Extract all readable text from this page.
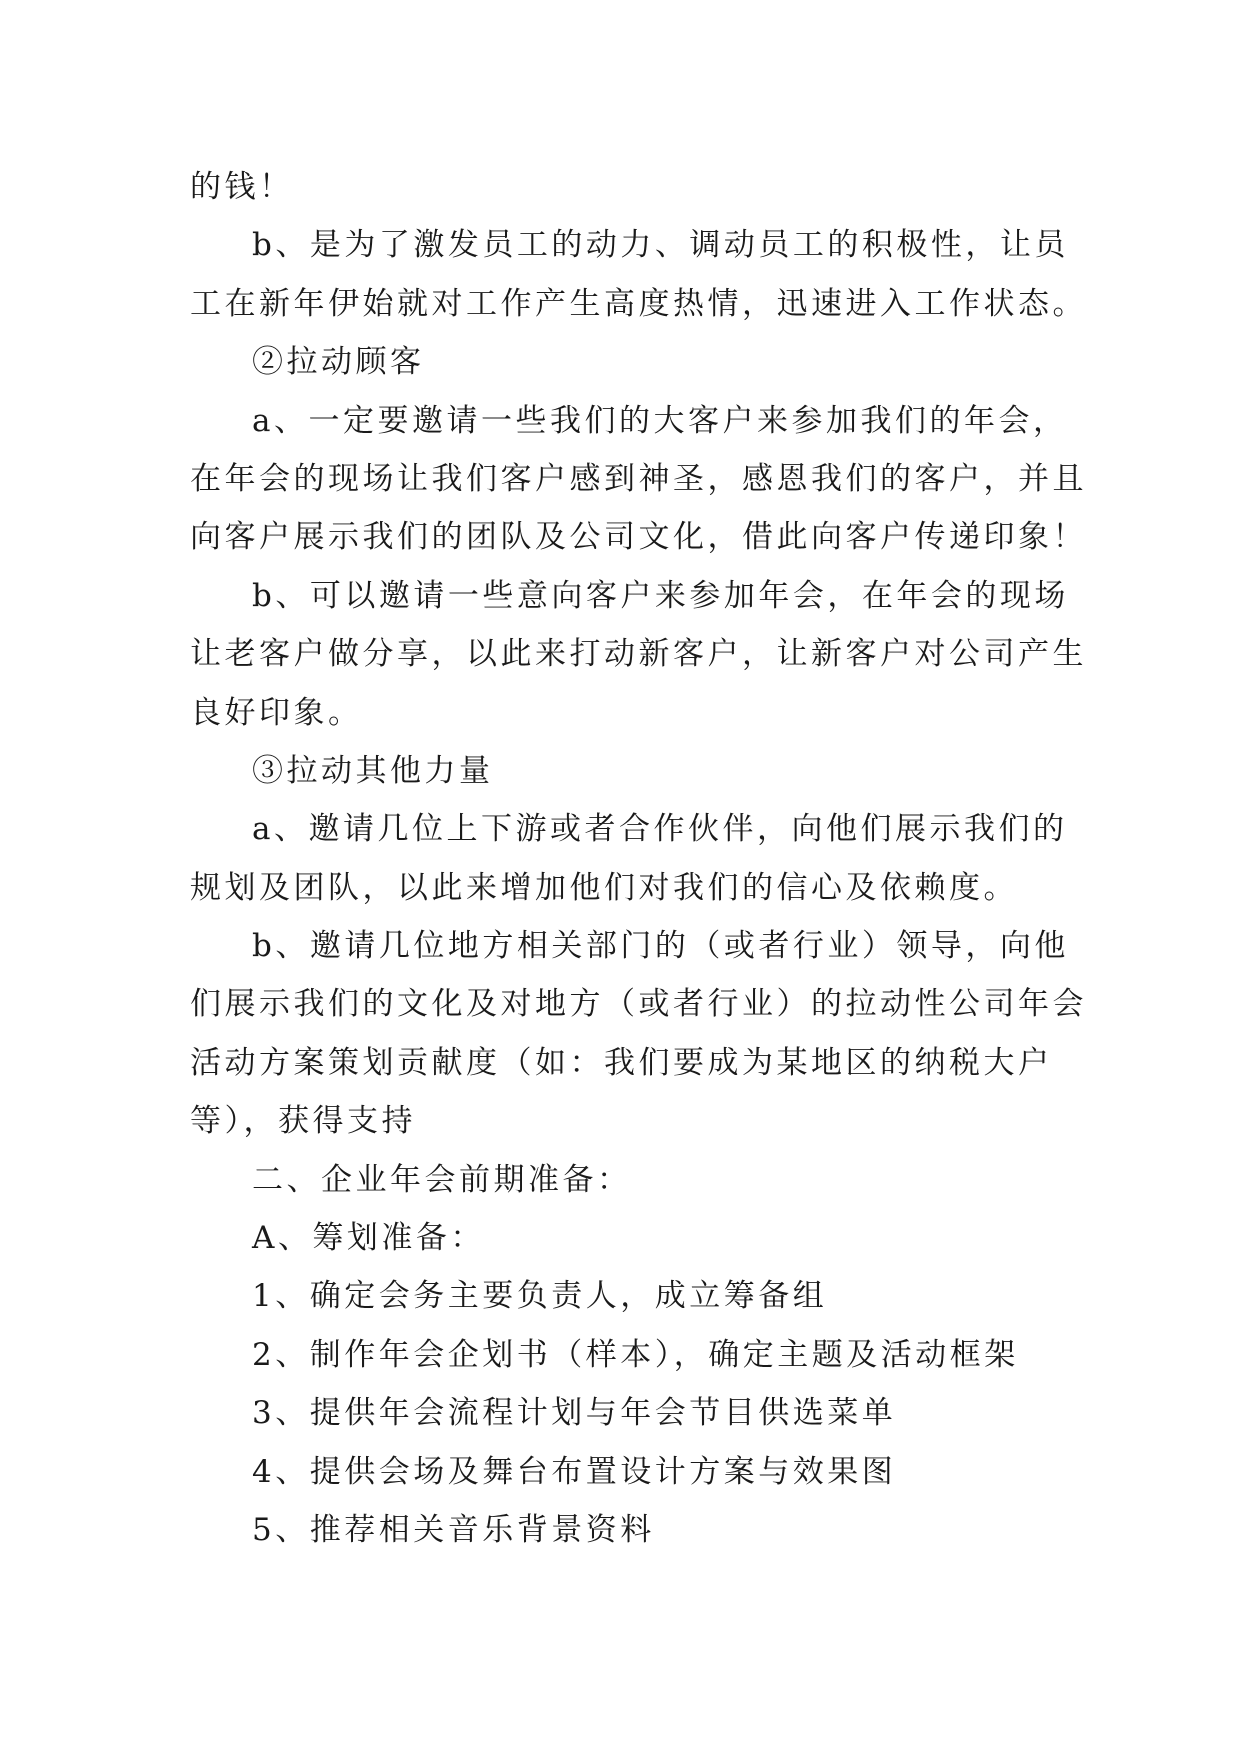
的钱！
b、是为了激发员工的动力、调动员工的积极性，让员
工在新年伊始就对工作产生高度热情，迅速进入工作状态。
②拉动顾客
a、一定要邀请一些我们的大客户来参加我们的年会，
在年会的现场让我们客户感到神圣，感恩我们的客户，并且
向客户展示我们的团队及公司文化，借此向客户传递印象！
b、可以邀请一些意向客户来参加年会，在年会的现场
让老客户做分享，以此来打动新客户，让新客户对公司产生
良好印象。
③拉动其他力量
a、邀请几位上下游或者合作伙伴，向他们展示我们的
规划及团队，以此来增加他们对我们的信心及依赖度。
b、邀请几位地方相关部门的（或者行业）领导，向他
们展示我们的文化及对地方（或者行业）的拉动性公司年会
活动方案策划贡献度（如：我们要成为某地区的纳税大户
等），获得支持
二、企业年会前期准备：
A、筹划准备：
1、确定会务主要负责人，成立筹备组
2、制作年会企划书（样本），确定主题及活动框架
3、提供年会流程计划与年会节目供选菜单
4、提供会场及舞台布置设计方案与效果图
5、推荐相关音乐背景资料
